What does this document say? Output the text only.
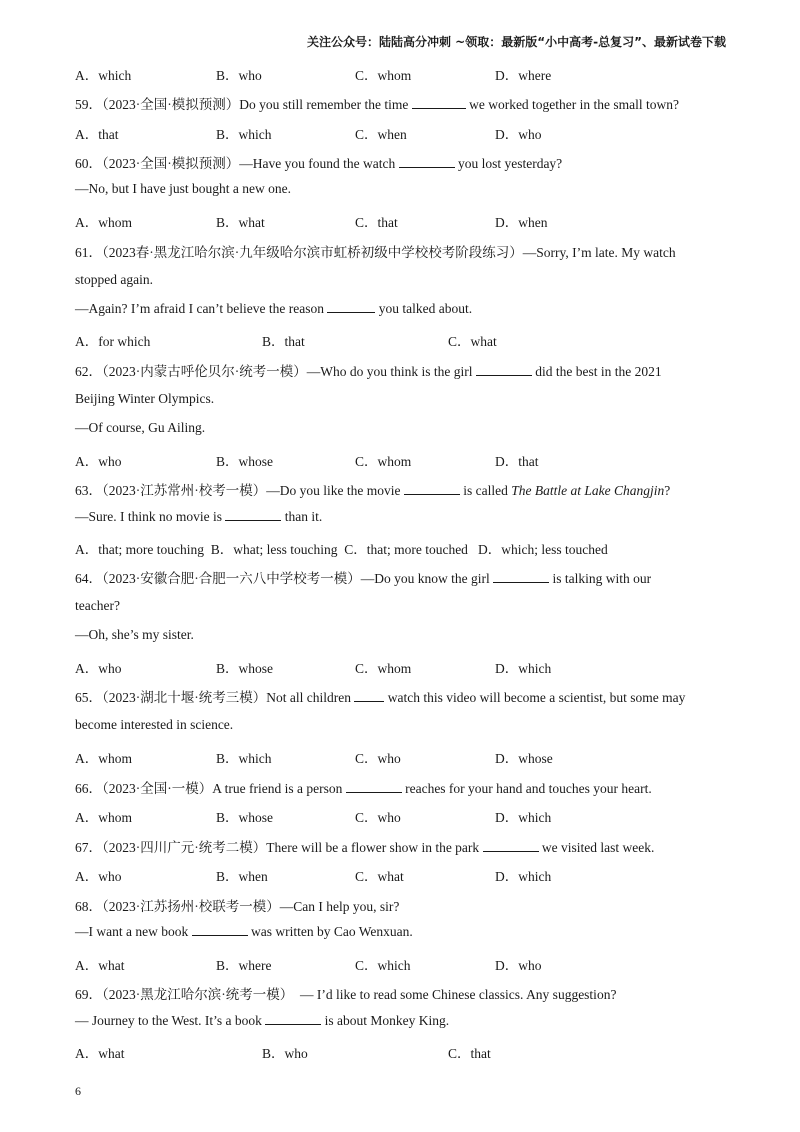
关注公众号：陆陆高分冲刺 ~领取：最新版“小中高考-总复习”、最新试卷下载
A．which	B．who	C．whom	D．where
59．（2023·全国·模拟预测）Do you still remember the time	we worked together in the small town?
A．that	B．which	C．when	D．who
60．（2023·全国·模拟预测）—Have you found the watch	you lost yesterday?
—No, but I have just bought a new one.
A．whom	B．what	C．that	D．when
61．（2023春·黑龙江哈尔滨·九年级哈尔滨市虹桥初级中学校校考阶段练习）—Sorry, I’m late. My watch
stopped again.
—Again? I’m afraid I can’t believe the reason	you talked about.
A．for which	B．that	C．what
62．（2023·内蒙古呼伦贝尔·统考一模）—Who do you think is the girl	did the best in the 2021
Beijing Winter Olympics.
—Of course, Gu Ailing.
A．who	B．whose	C．whom	D．that
63．（2023·江苏常州·校考一模）—Do you like the movie	is called The Battle at Lake Changjin?
—Sure. I think no movie is	than it.
A．that; more touching  B．what; less touching  C．that; more touched   D．which; less touched
64．（2023·安徽合肥·合肥一六八中学校考一模）—Do you know the girl	is talking with our
teacher?
—Oh, she’s my sister.
A．who	B．whose	C．whom	D．which
65．（2023·湖北十堰·统考三模）Not all children	watch this video will become a scientist, but some may
become interested in science.
A．whom	B．which	C．who	D．whose
66．（2023·全国·一模）A true friend is a person	reaches for your hand and touches your heart.
A．whom	B．whose	C．who	D．which
67．（2023·四川广元·统考二模）There will be a flower show in the park	we visited last week.
A．who	B．when	C．what	D．which
68．（2023·江苏扬州·校联考一模）—Can I help you, sir?
—I want a new book	was written by Cao Wenxuan.
A．what	B．where	C．which	D．who
69．（2023·黑龙江哈尔滨·统考一模）  — I’d like to read some Chinese classics. Any suggestion?
— Journey to the West. It’s a book	is about Monkey King.
A．what	B．who	C．that
6
